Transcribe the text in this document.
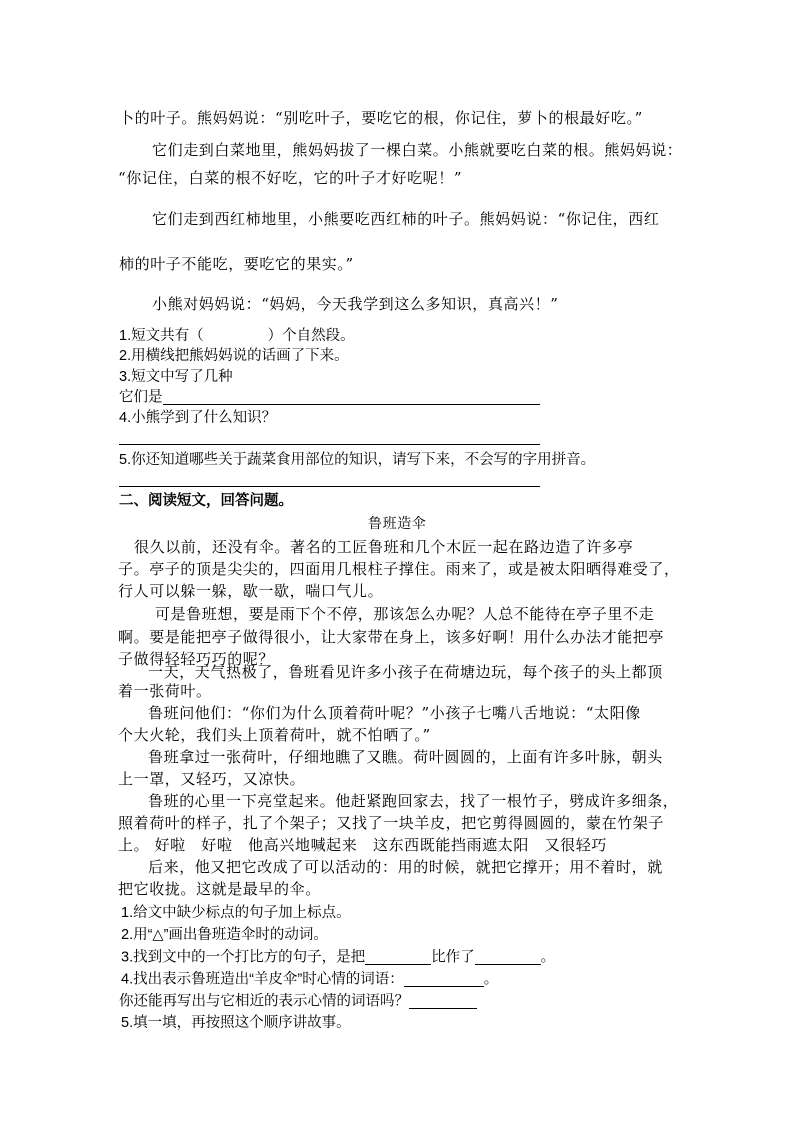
卜的叶子。熊妈妈说：“别吃叶子，要吃它的根，你记住，萝卜的根最好吃。”
它们走到白菜地里，熊妈妈拔了一棵白菜。小熊就要吃白菜的根。熊妈妈说：
“你记住，白菜的根不好吃，它的叶子才好吃呢！”
它们走到西红柿地里，小熊要吃西红柿的叶子。熊妈妈说：“你记住，西红
柿的叶子不能吃，要吃它的果实。”
小熊对妈妈说：“妈妈，今天我学到这么多知识，真高兴！”
1.短文共有（	）个自然段。
2.用横线把熊妈妈说的话画了下来。
3.短文中写了几种
它们是
4.小熊学到了什么知识？
5.你还知道哪些关于蔬菜食用部位的知识，请写下来，不会写的字用拼音。
二、阅读短文，回答问题。
鲁班造伞
很久以前，还没有伞。著名的工匠鲁班和几个木匠一起在路边造了许多亭
子。亭子的顶是尖尖的，四面用几根柱子撑住。雨来了，或是被太阳晒得难受了，
行人可以躲一躲，歇一歇，喘口气儿。
可是鲁班想，要是雨下个不停，那该怎么办呢？人总不能待在亭子里不走
啊。要是能把亭子做得很小，让大家带在身上，该多好啊！用什么办法才能把亭
子做得轻轻巧巧的呢？
一天，天气热极了，鲁班看见许多小孩子在荷塘边玩，每个孩子的头上都顶
着一张荷叶。
鲁班问他们：“你们为什么顶着荷叶呢？”小孩子七嘴八舌地说：“太阳像
个大火轮，我们头上顶着荷叶，就不怕晒了。”
鲁班拿过一张荷叶，仔细地瞧了又瞧。荷叶圆圆的，上面有许多叶脉，朝头
上一罩，又轻巧，又凉快。
鲁班的心里一下亮堂起来。他赶紧跑回家去，找了一根竹子，劈成许多细条，
照着荷叶的样子，扎了个架子；又找了一块羊皮，把它剪得圆圆的，蒙在竹架子
上。 好啦　好啦　他高兴地喊起来　这东西既能挡雨遮太阳　又很轻巧
后来，他又把它改成了可以活动的：用的时候，就把它撑开；用不着时，就
把它收拢。这就是最早的伞。
1.给文中缺少标点的句子加上标点。
2.用“△”画出鲁班造伞时的动词。
3.找到文中的一个打比方的句子，是把	比作了	。
4.找出表示鲁班造出“羊皮伞”时心情的词语：	。
你还能再写出与它相近的表示心情的词语吗？
5.填一填，再按照这个顺序讲故事。
